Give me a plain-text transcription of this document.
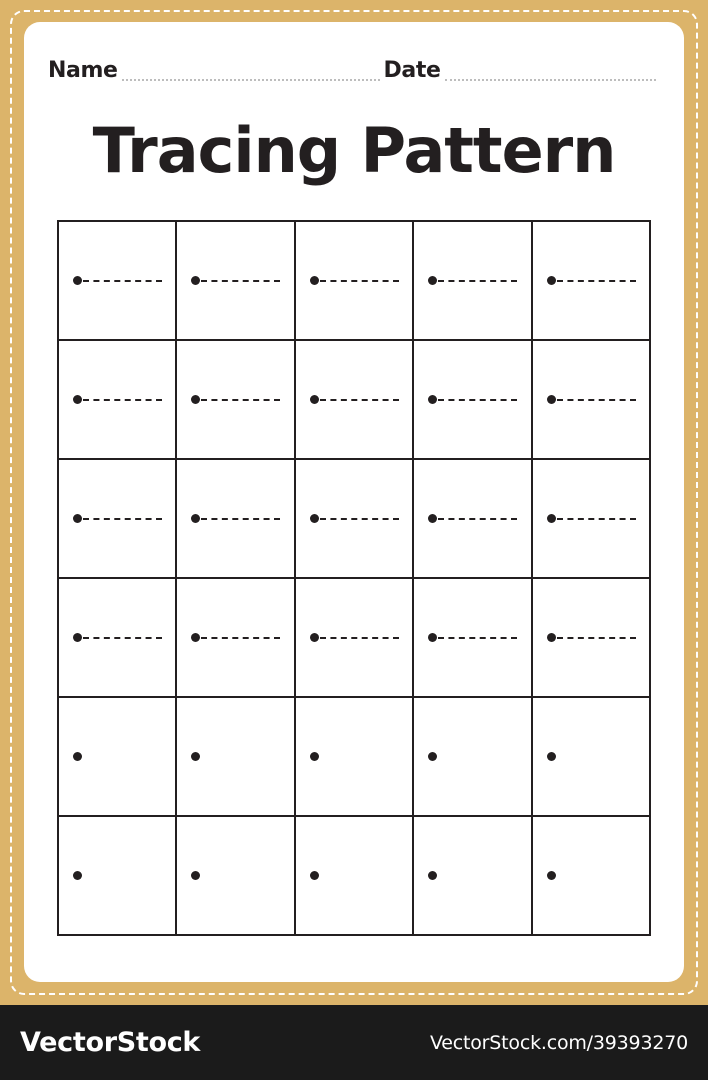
Name	Date
Tracing Pattern
VectorStock	VectorStock.com/39393270
